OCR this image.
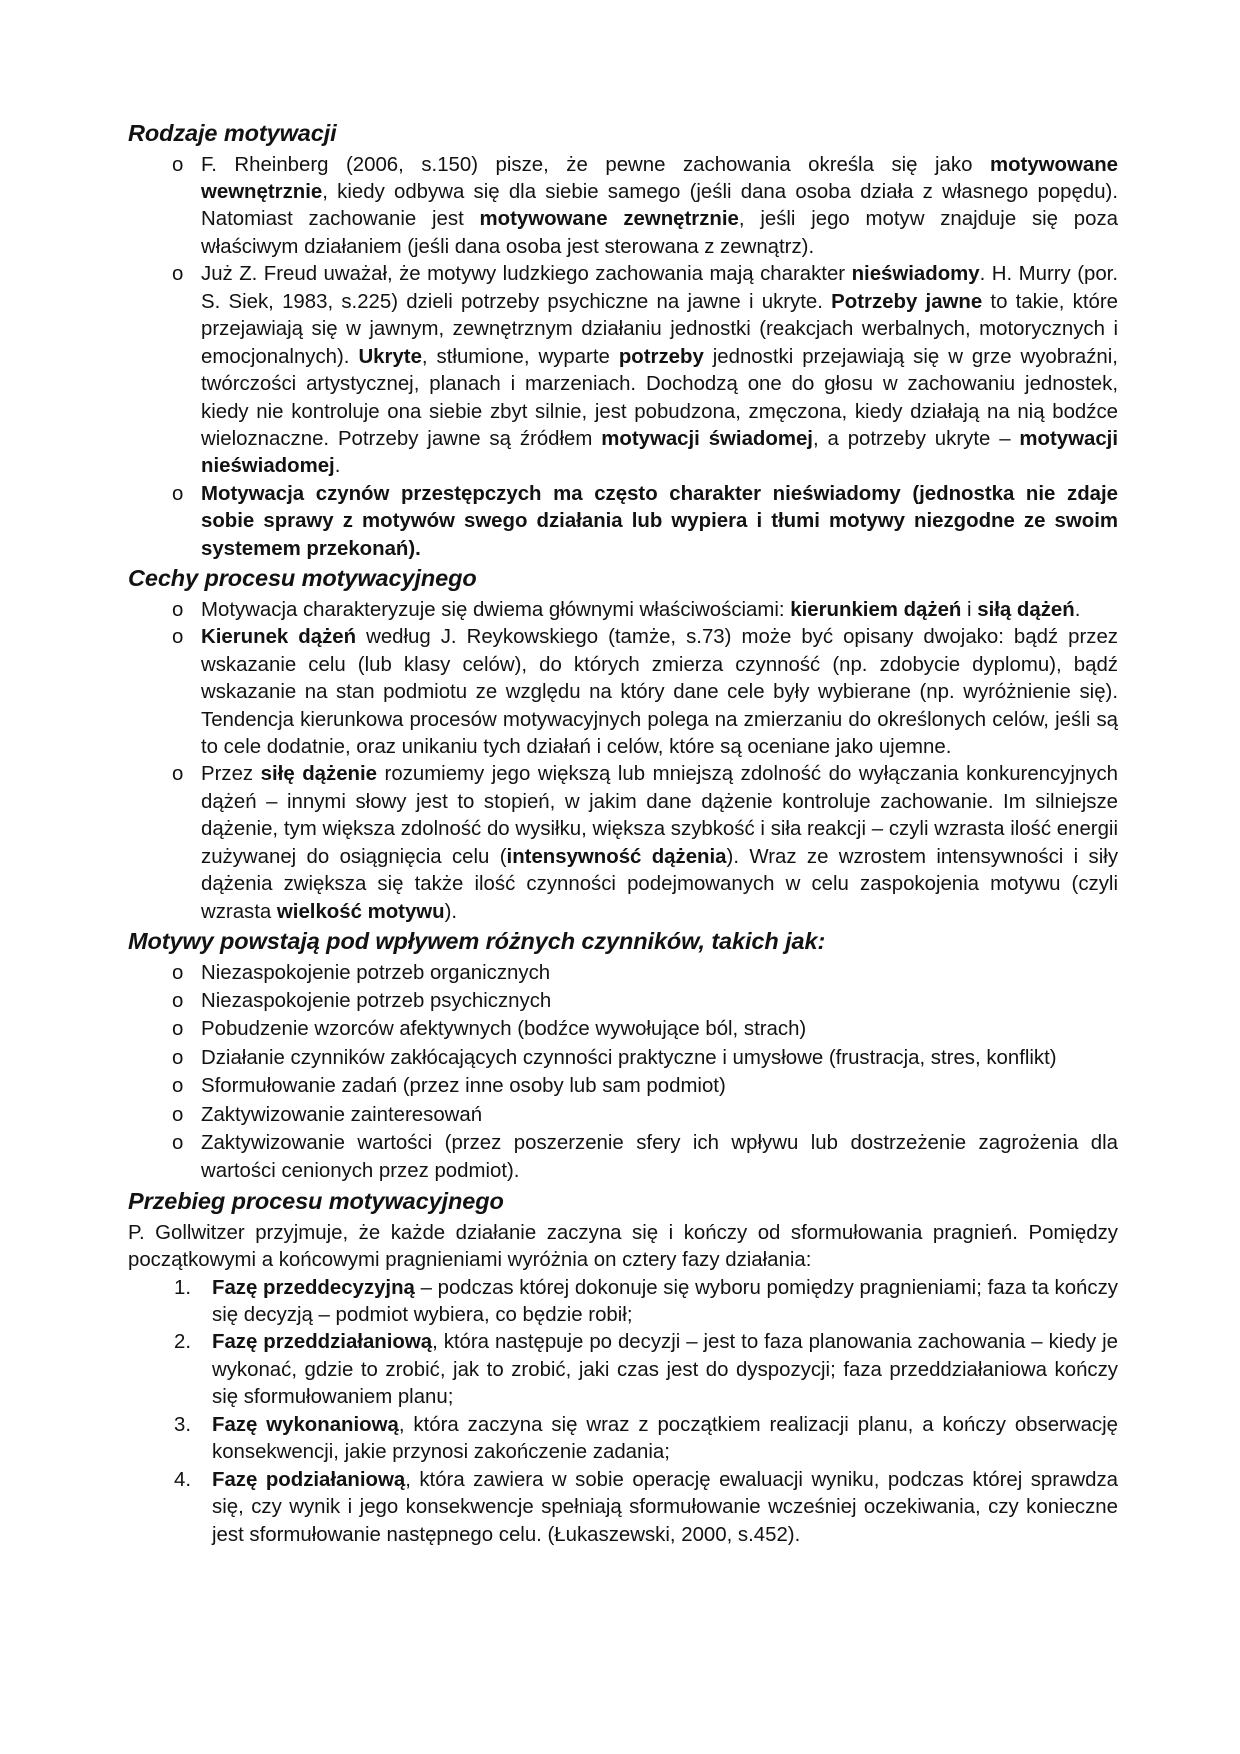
Rodzaje motywacji
o F. Rheinberg (2006, s.150) pisze, że pewne zachowania określa się jako motywowane wewnętrznie, kiedy odbywa się dla siebie samego (jeśli dana osoba działa z własnego popędu). Natomiast zachowanie jest motywowane zewnętrznie, jeśli jego motyw znajduje się poza właściwym działaniem (jeśli dana osoba jest sterowana z zewnątrz).
o Już Z. Freud uważał, że motywy ludzkiego zachowania mają charakter nieświadomy. H. Murry (por. S. Siek, 1983, s.225) dzieli potrzeby psychiczne na jawne i ukryte. Potrzeby jawne to takie, które przejawiają się w jawnym, zewnętrznym działaniu jednostki (reakcjach werbalnych, motorycznych i emocjonalnych). Ukryte, stłumione, wyparte potrzeby jednostki przejawiają się w grze wyobraźni, twórczości artystycznej, planach i marzeniach. Dochodzą one do głosu w zachowaniu jednostek, kiedy nie kontroluje ona siebie zbyt silnie, jest pobudzona, zmęczona, kiedy działają na nią bodźce wieloznaczne. Potrzeby jawne są źródłem motywacji świadomej, a potrzeby ukryte – motywacji nieświadomej.
o Motywacja czynów przestępczych ma często charakter nieświadomy (jednostka nie zdaje sobie sprawy z motywów swego działania lub wypiera i tłumi motywy niezgodne ze swoim systemem przekonań).
Cechy procesu motywacyjnego
o Motywacja charakteryzuje się dwiema głównymi właściwościami: kierunkiem dążeń i siłą dążeń.
o Kierunek dążeń według J. Reykowskiego (tamże, s.73) może być opisany dwojako: bądź przez wskazanie celu (lub klasy celów), do których zmierza czynność (np. zdobycie dyplomu), bądź wskazanie na stan podmiotu ze względu na który dane cele były wybierane (np. wyróżnienie się). Tendencja kierunkowa procesów motywacyjnych polega na zmierzaniu do określonych celów, jeśli są to cele dodatnie, oraz unikaniu tych działań i celów, które są oceniane jako ujemne.
o Przez siłę dążenie rozumiemy jego większą lub mniejszą zdolność do wyłączania konkurencyjnych dążeń – innymi słowy jest to stopień, w jakim dane dążenie kontroluje zachowanie. Im silniejsze dążenie, tym większa zdolność do wysiłku, większa szybkość i siła reakcji – czyli wzrasta ilość energii zużywanej do osiągnięcia celu (intensywność dążenia). Wraz ze wzrostem intensywności i siły dążenia zwiększa się także ilość czynności podejmowanych w celu zaspokojenia motywu (czyli wzrasta wielkość motywu).
Motywy powstają pod wpływem różnych czynników, takich jak:
o Niezaspokojenie potrzeb organicznych
o Niezaspokojenie potrzeb psychicznych
o Pobudzenie wzorców afektywnych (bodźce wywołujące ból, strach)
o Działanie czynników zakłócających czynności praktyczne i umysłowe (frustracja, stres, konflikt)
o Sformułowanie zadań (przez inne osoby lub sam podmiot)
o Zaktywizowanie zainteresowań
o Zaktywizowanie wartości (przez poszerzenie sfery ich wpływu lub dostrzeżenie zagrożenia dla wartości cenionych przez podmiot).
Przebieg procesu motywacyjnego

P. Gollwitzer przyjmuje, że każde działanie zaczyna się i kończy od sformułowania pragnień. Pomiędzy początkowymi a końcowymi pragnieniami wyróżnia on cztery fazy działania:

1. Fazę przeddecyzyjną – podczas której dokonuje się wyboru pomiędzy pragnieniami; faza ta kończy się decyzją – podmiot wybiera, co będzie robił;
2. Fazę przeddziałaniową, która następuje po decyzji – jest to faza planowania zachowania – kiedy je wykonać, gdzie to zrobić, jak to zrobić, jaki czas jest do dyspozycji; faza przeddziałaniowa kończy się sformułowaniem planu;
3. Fazę wykonaniową, która zaczyna się wraz z początkiem realizacji planu, a kończy obserwację konsekwencji, jakie przynosi zakończenie zadania;
4. Fazę podziałaniową, która zawiera w sobie operację ewaluacji wyniku, podczas której sprawdza się, czy wynik i jego konsekwencje spełniają sformułowanie wcześniej oczekiwania, czy konieczne jest sformułowanie następnego celu. (Łukaszewski, 2000, s.452).
